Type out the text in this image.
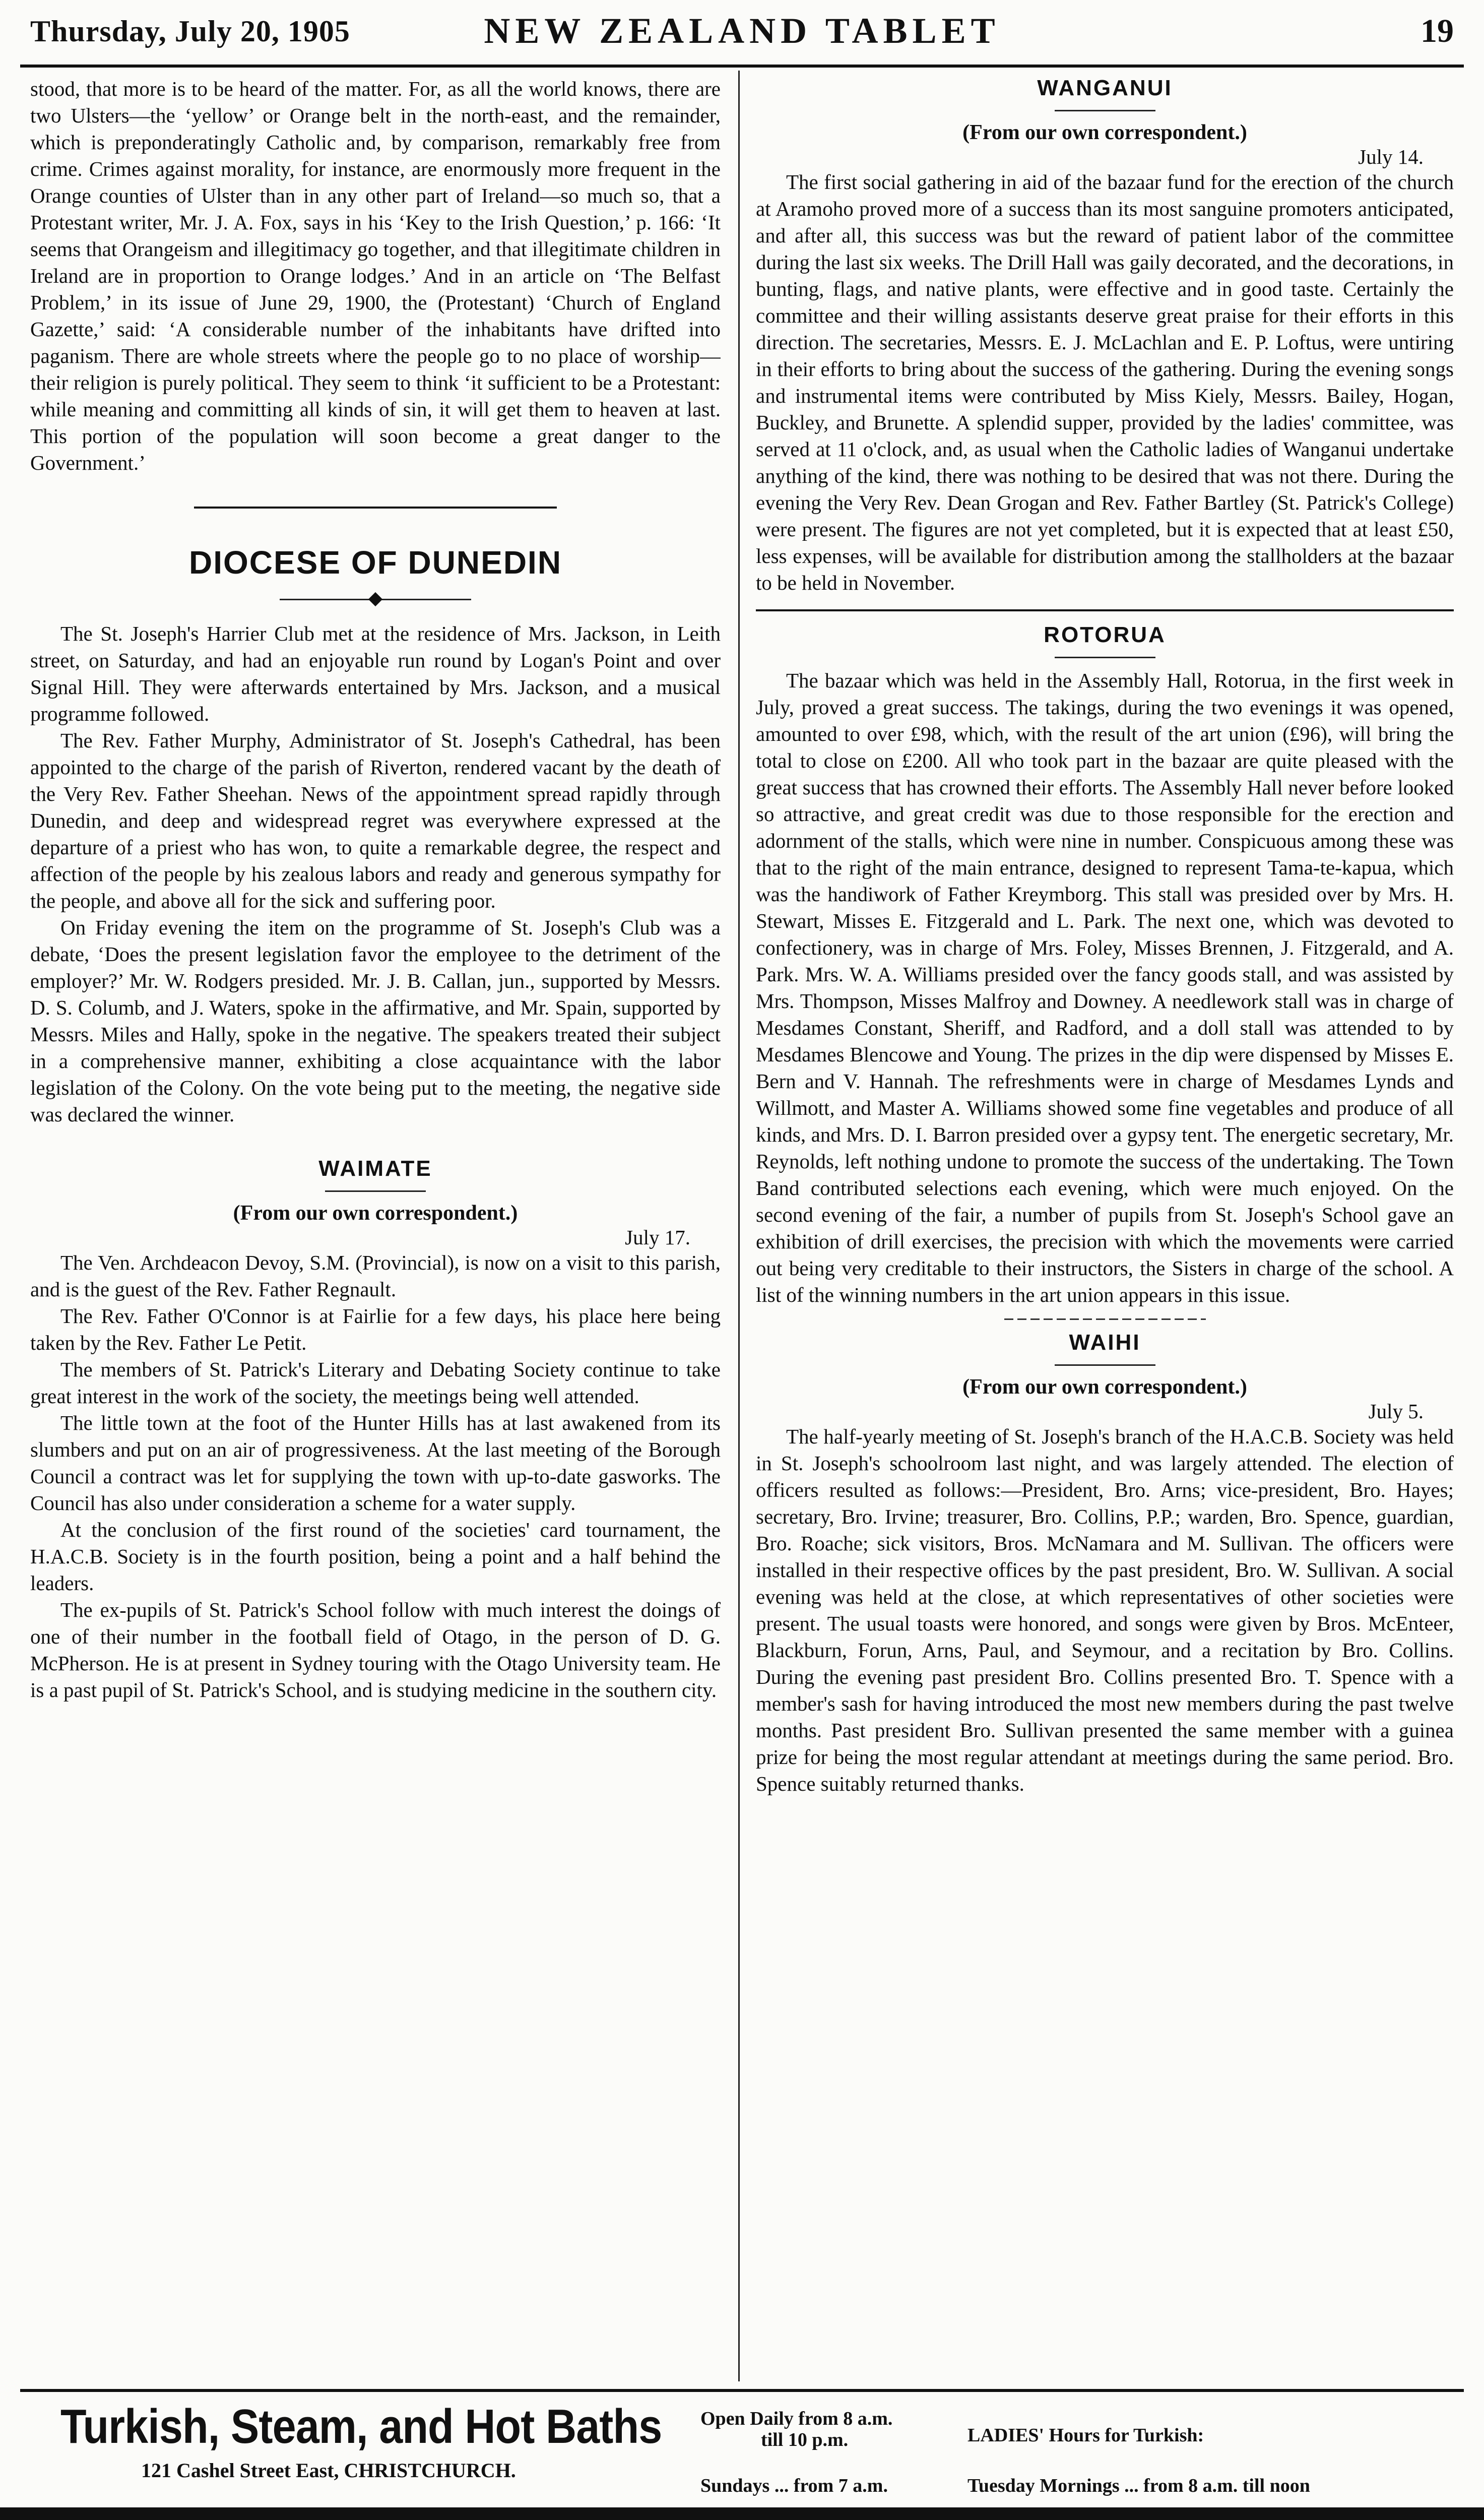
Thursday, July 20, 1905	NEW ZEALAND TABLET	19

stood, that more is to be heard of the matter. For, as all the world knows, there are two Ulsters—the ‘yellow’ or Orange belt in the north-east, and the remainder, which is preponderatingly Catholic and, by comparison, remarkably free from crime. Crimes against morality, for instance, are enormously more frequent in the Orange counties of Ulster than in any other part of Ireland—so much so, that a Protestant writer, Mr. J. A. Fox, says in his ‘Key to the Irish Question,’ p. 166: ‘It seems that Orangeism and illegitimacy go together, and that illegitimate children in Ireland are in proportion to Orange lodges.’ And in an article on ‘The Belfast Problem,’ in its issue of June 29, 1900, the (Protestant) ‘Church of England Gazette,’ said: ‘A considerable number of the inhabitants have drifted into paganism. There are whole streets where the people go to no place of worship—their religion is purely political. They seem to think ‘it sufficient to be a Protestant: while meaning and committing all kinds of sin, it will get them to heaven at last. This portion of the population will soon become a great danger to the Government.’

DIOCESE OF DUNEDIN

The St. Joseph's Harrier Club met at the residence of Mrs. Jackson, in Leith street, on Saturday, and had an enjoyable run round by Logan's Point and over Signal Hill. They were afterwards entertained by Mrs. Jackson, and a musical programme followed.

The Rev. Father Murphy, Administrator of St. Joseph's Cathedral, has been appointed to the charge of the parish of Riverton, rendered vacant by the death of the Very Rev. Father Sheehan. News of the appointment spread rapidly through Dunedin, and deep and widespread regret was everywhere expressed at the departure of a priest who has won, to quite a remarkable degree, the respect and affection of the people by his zealous labors and ready and generous sympathy for the people, and above all for the sick and suffering poor.

On Friday evening the item on the programme of St. Joseph's Club was a debate, ‘Does the present legislation favor the employee to the detriment of the employer?’ Mr. W. Rodgers presided. Mr. J. B. Callan, jun., supported by Messrs. D. S. Columb, and J. Waters, spoke in the affirmative, and Mr. Spain, supported by Messrs. Miles and Hally, spoke in the negative. The speakers treated their subject in a comprehensive manner, exhibiting a close acquaintance with the labor legislation of the Colony. On the vote being put to the meeting, the negative side was declared the winner.

WAIMATE

(From our own correspondent.)

July 17.

The Ven. Archdeacon Devoy, S.M. (Provincial), is now on a visit to this parish, and is the guest of the Rev. Father Regnault.

The Rev. Father O'Connor is at Fairlie for a few days, his place here being taken by the Rev. Father Le Petit.

The members of St. Patrick's Literary and Debating Society continue to take great interest in the work of the society, the meetings being well attended.

The little town at the foot of the Hunter Hills has at last awakened from its slumbers and put on an air of progressiveness. At the last meeting of the Borough Council a contract was let for supplying the town with up-to-date gasworks. The Council has also under consideration a scheme for a water supply.

At the conclusion of the first round of the societies' card tournament, the H.A.C.B. Society is in the fourth position, being a point and a half behind the leaders.

The ex-pupils of St. Patrick's School follow with much interest the doings of one of their number in the football field of Otago, in the person of D. G. McPherson. He is at present in Sydney touring with the Otago University team. He is a past pupil of St. Patrick's School, and is studying medicine in the southern city.

WANGANUI

(From our own correspondent.)

July 14.

The first social gathering in aid of the bazaar fund for the erection of the church at Aramoho proved more of a success than its most sanguine promoters anticipated, and after all, this success was but the reward of patient labor of the committee during the last six weeks. The Drill Hall was gaily decorated, and the decorations, in bunting, flags, and native plants, were effective and in good taste. Certainly the committee and their willing assistants deserve great praise for their efforts in this direction. The secretaries, Messrs. E. J. McLachlan and E. P. Loftus, were untiring in their efforts to bring about the success of the gathering. During the evening songs and instrumental items were contributed by Miss Kiely, Messrs. Bailey, Hogan, Buckley, and Brunette. A splendid supper, provided by the ladies' committee, was served at 11 o'clock, and, as usual when the Catholic ladies of Wanganui undertake anything of the kind, there was nothing to be desired that was not there. During the evening the Very Rev. Dean Grogan and Rev. Father Bartley (St. Patrick's College) were present. The figures are not yet completed, but it is expected that at least £50, less expenses, will be available for distribution among the stallholders at the bazaar to be held in November.

ROTORUA

The bazaar which was held in the Assembly Hall, Rotorua, in the first week in July, proved a great success. The takings, during the two evenings it was opened, amounted to over £98, which, with the result of the art union (£96), will bring the total to close on £200. All who took part in the bazaar are quite pleased with the great success that has crowned their efforts. The Assembly Hall never before looked so attractive, and great credit was due to those responsible for the erection and adornment of the stalls, which were nine in number. Conspicuous among these was that to the right of the main entrance, designed to represent Tama-te-kapua, which was the handiwork of Father Kreymborg. This stall was presided over by Mrs. H. Stewart, Misses E. Fitzgerald and L. Park. The next one, which was devoted to confectionery, was in charge of Mrs. Foley, Misses Brennen, J. Fitzgerald, and A. Park. Mrs. W. A. Williams presided over the fancy goods stall, and was assisted by Mrs. Thompson, Misses Malfroy and Downey. A needlework stall was in charge of Mesdames Constant, Sheriff, and Radford, and a doll stall was attended to by Mesdames Blencowe and Young. The prizes in the dip were dispensed by Misses E. Bern and V. Hannah. The refreshments were in charge of Mesdames Lynds and Willmott, and Master A. Williams showed some fine vegetables and produce of all kinds, and Mrs. D. I. Barron presided over a gypsy tent. The energetic secretary, Mr. Reynolds, left nothing undone to promote the success of the undertaking. The Town Band contributed selections each evening, which were much enjoyed. On the second evening of the fair, a number of pupils from St. Joseph's School gave an exhibition of drill exercises, the precision with which the movements were carried out being very creditable to their instructors, the Sisters in charge of the school. A list of the winning numbers in the art union appears in this issue.

WAIHI

(From our own correspondent.)

July 5.

The half-yearly meeting of St. Joseph's branch of the H.A.C.B. Society was held in St. Joseph's schoolroom last night, and was largely attended. The election of officers resulted as follows:—President, Bro. Arns; vice-president, Bro. Hayes; secretary, Bro. Irvine; treasurer, Bro. Collins, P.P.; warden, Bro. Spence, guardian, Bro. Roache; sick visitors, Bros. McNamara and M. Sullivan. The officers were installed in their respective offices by the past president, Bro. W. Sullivan. A social evening was held at the close, at which representatives of other societies were present. The usual toasts were honored, and songs were given by Bros. McEnteer, Blackburn, Forun, Arns, Paul, and Seymour, and a recitation by Bro. Collins. During the evening past president Bro. Collins presented Bro. T. Spence with a member's sash for having introduced the most new members during the past twelve months. Past president Bro. Sullivan presented the same member with a guinea prize for being the most regular attendant at meetings during the same period. Bro. Spence suitably returned thanks.

Turkish, Steam, and Hot Baths
121 Cashel Street East, CHRISTCHURCH.
Open Daily from 8 a.m.
till 10 p.m.	LADIES' Hours for Turkish:
Sundays ... from 7 a.m.	Tuesday Mornings ... from 8 a.m. till noon
